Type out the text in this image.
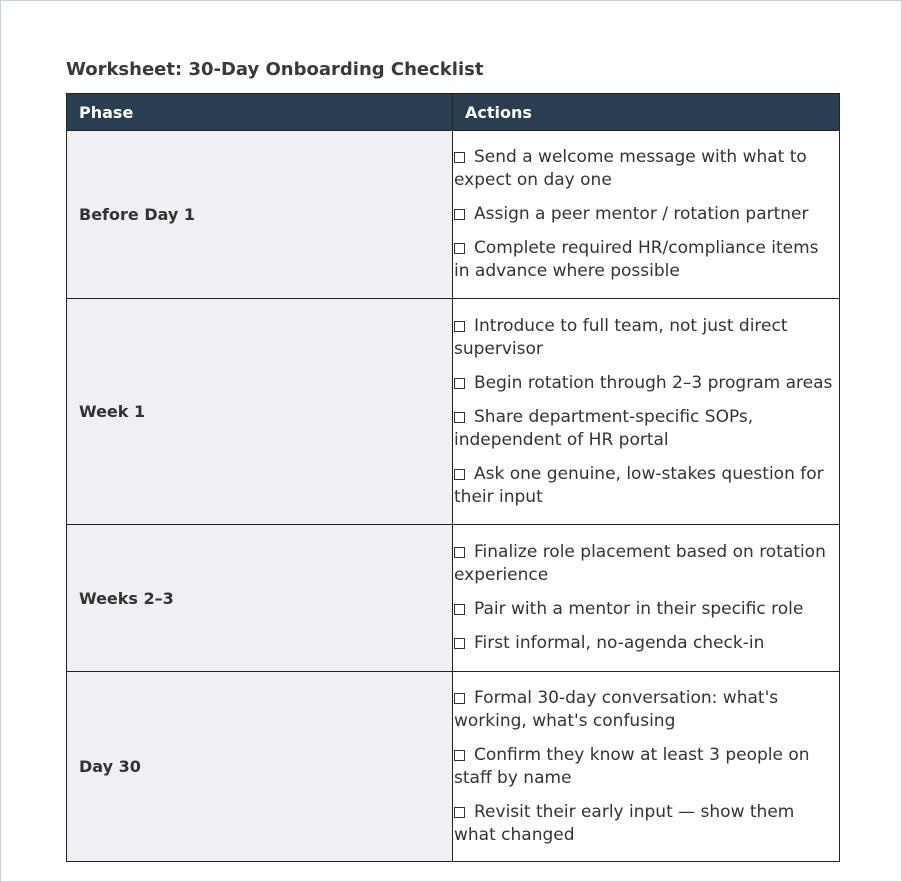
Worksheet: 30-Day Onboarding Checklist
Phase	Actions
Before Day 1	Send a welcome message with what to expect on day one
Assign a peer mentor / rotation partner
Complete required HR/compliance items in advance where possible

Week 1	Introduce to full team, not just direct supervisor
Begin rotation through 2–3 program areas
Share department-specific SOPs, independent of HR portal
Ask one genuine, low-stakes question for their input

Weeks 2–3	Finalize role placement based on rotation experience
Pair with a mentor in their specific role
First informal, no-agenda check-in

Day 30	Formal 30-day conversation: what's working, what's confusing
Confirm they know at least 3 people on staff by name
Revisit their early input — show them what changed
